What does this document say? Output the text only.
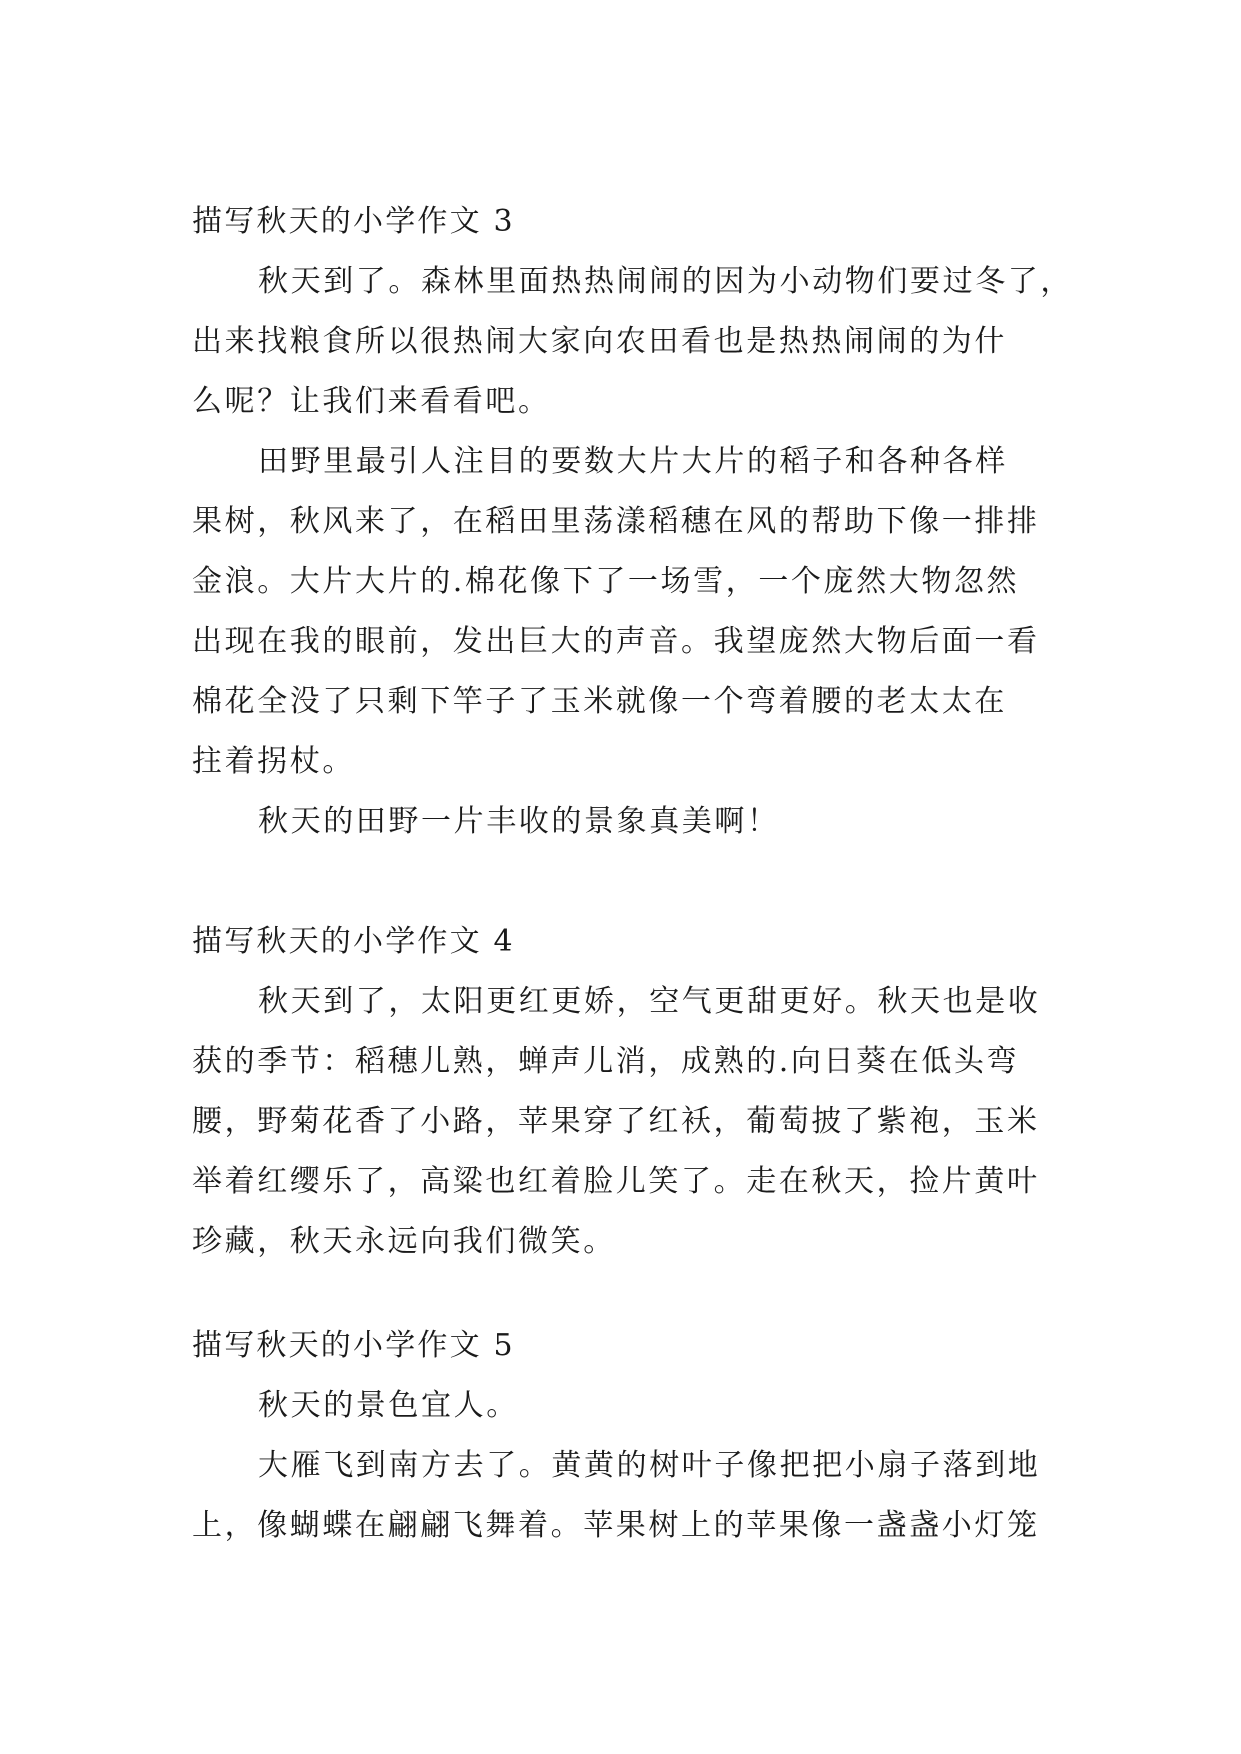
描写秋天的小学作文 3
秋天到了。森林里面热热闹闹的因为小动物们要过冬了，
出来找粮食所以很热闹大家向农田看也是热热闹闹的为什
么呢？让我们来看看吧。
田野里最引人注目的要数大片大片的稻子和各种各样
果树，秋风来了，在稻田里荡漾稻穗在风的帮助下像一排排
金浪。大片大片的.棉花像下了一场雪，一个庞然大物忽然
出现在我的眼前，发出巨大的声音。我望庞然大物后面一看
棉花全没了只剩下竿子了玉米就像一个弯着腰的老太太在
拄着拐杖。
秋天的田野一片丰收的景象真美啊！
描写秋天的小学作文 4
秋天到了，太阳更红更娇，空气更甜更好。秋天也是收
获的季节：稻穗儿熟，蝉声儿消，成熟的.向日葵在低头弯
腰，野菊花香了小路，苹果穿了红袄，葡萄披了紫袍，玉米
举着红缨乐了，高粱也红着脸儿笑了。走在秋天，捡片黄叶
珍藏，秋天永远向我们微笑。
描写秋天的小学作文 5
秋天的景色宜人。
大雁飞到南方去了。黄黄的树叶子像把把小扇子落到地
上，像蝴蝶在翩翩飞舞着。苹果树上的苹果像一盏盏小灯笼
